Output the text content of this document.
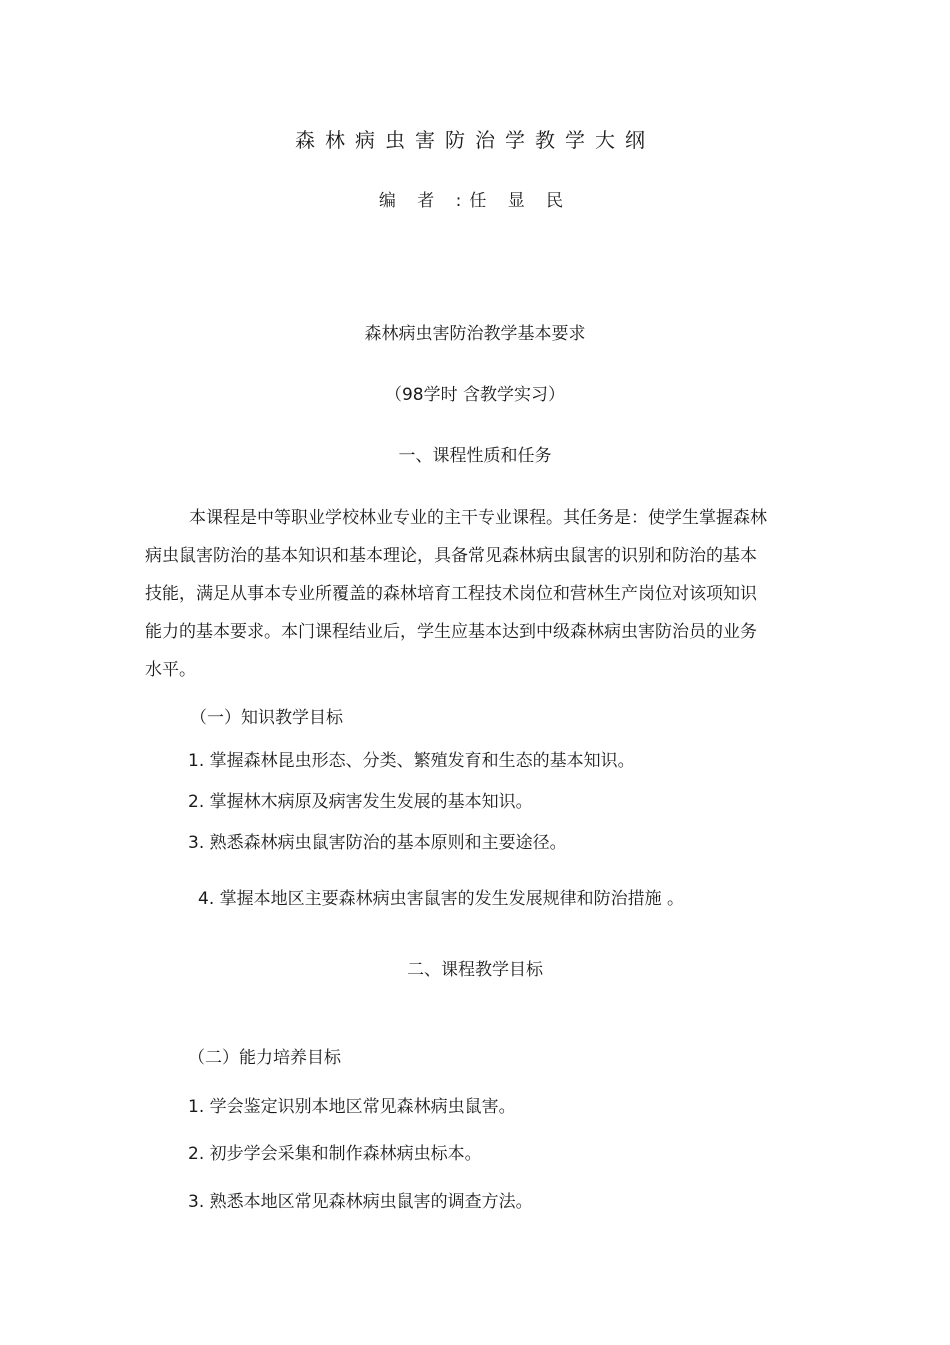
森林病虫害防治学教学大纲
编 者 :任 显 民
森林病虫害防治教学基本要求
（98学时 含教学实习）
一、课程性质和任务
本课程是中等职业学校林业专业的主干专业课程。其任务是：使学生掌握森林
病虫鼠害防治的基本知识和基本理论，具备常见森林病虫鼠害的识别和防治的基本
技能，满足从事本专业所覆盖的森林培育工程技术岗位和营林生产岗位对该项知识
能力的基本要求。本门课程结业后，学生应基本达到中级森林病虫害防治员的业务
水平。
（一）知识教学目标
1. 掌握森林昆虫形态、分类、繁殖发育和生态的基本知识。
2. 掌握林木病原及病害发生发展的基本知识。
3. 熟悉森林病虫鼠害防治的基本原则和主要途径。
4. 掌握本地区主要森林病虫害鼠害的发生发展规律和防治措施 。
二、课程教学目标
（二）能力培养目标
1. 学会鉴定识别本地区常见森林病虫鼠害。
2. 初步学会采集和制作森林病虫标本。
3. 熟悉本地区常见森林病虫鼠害的调查方法。
